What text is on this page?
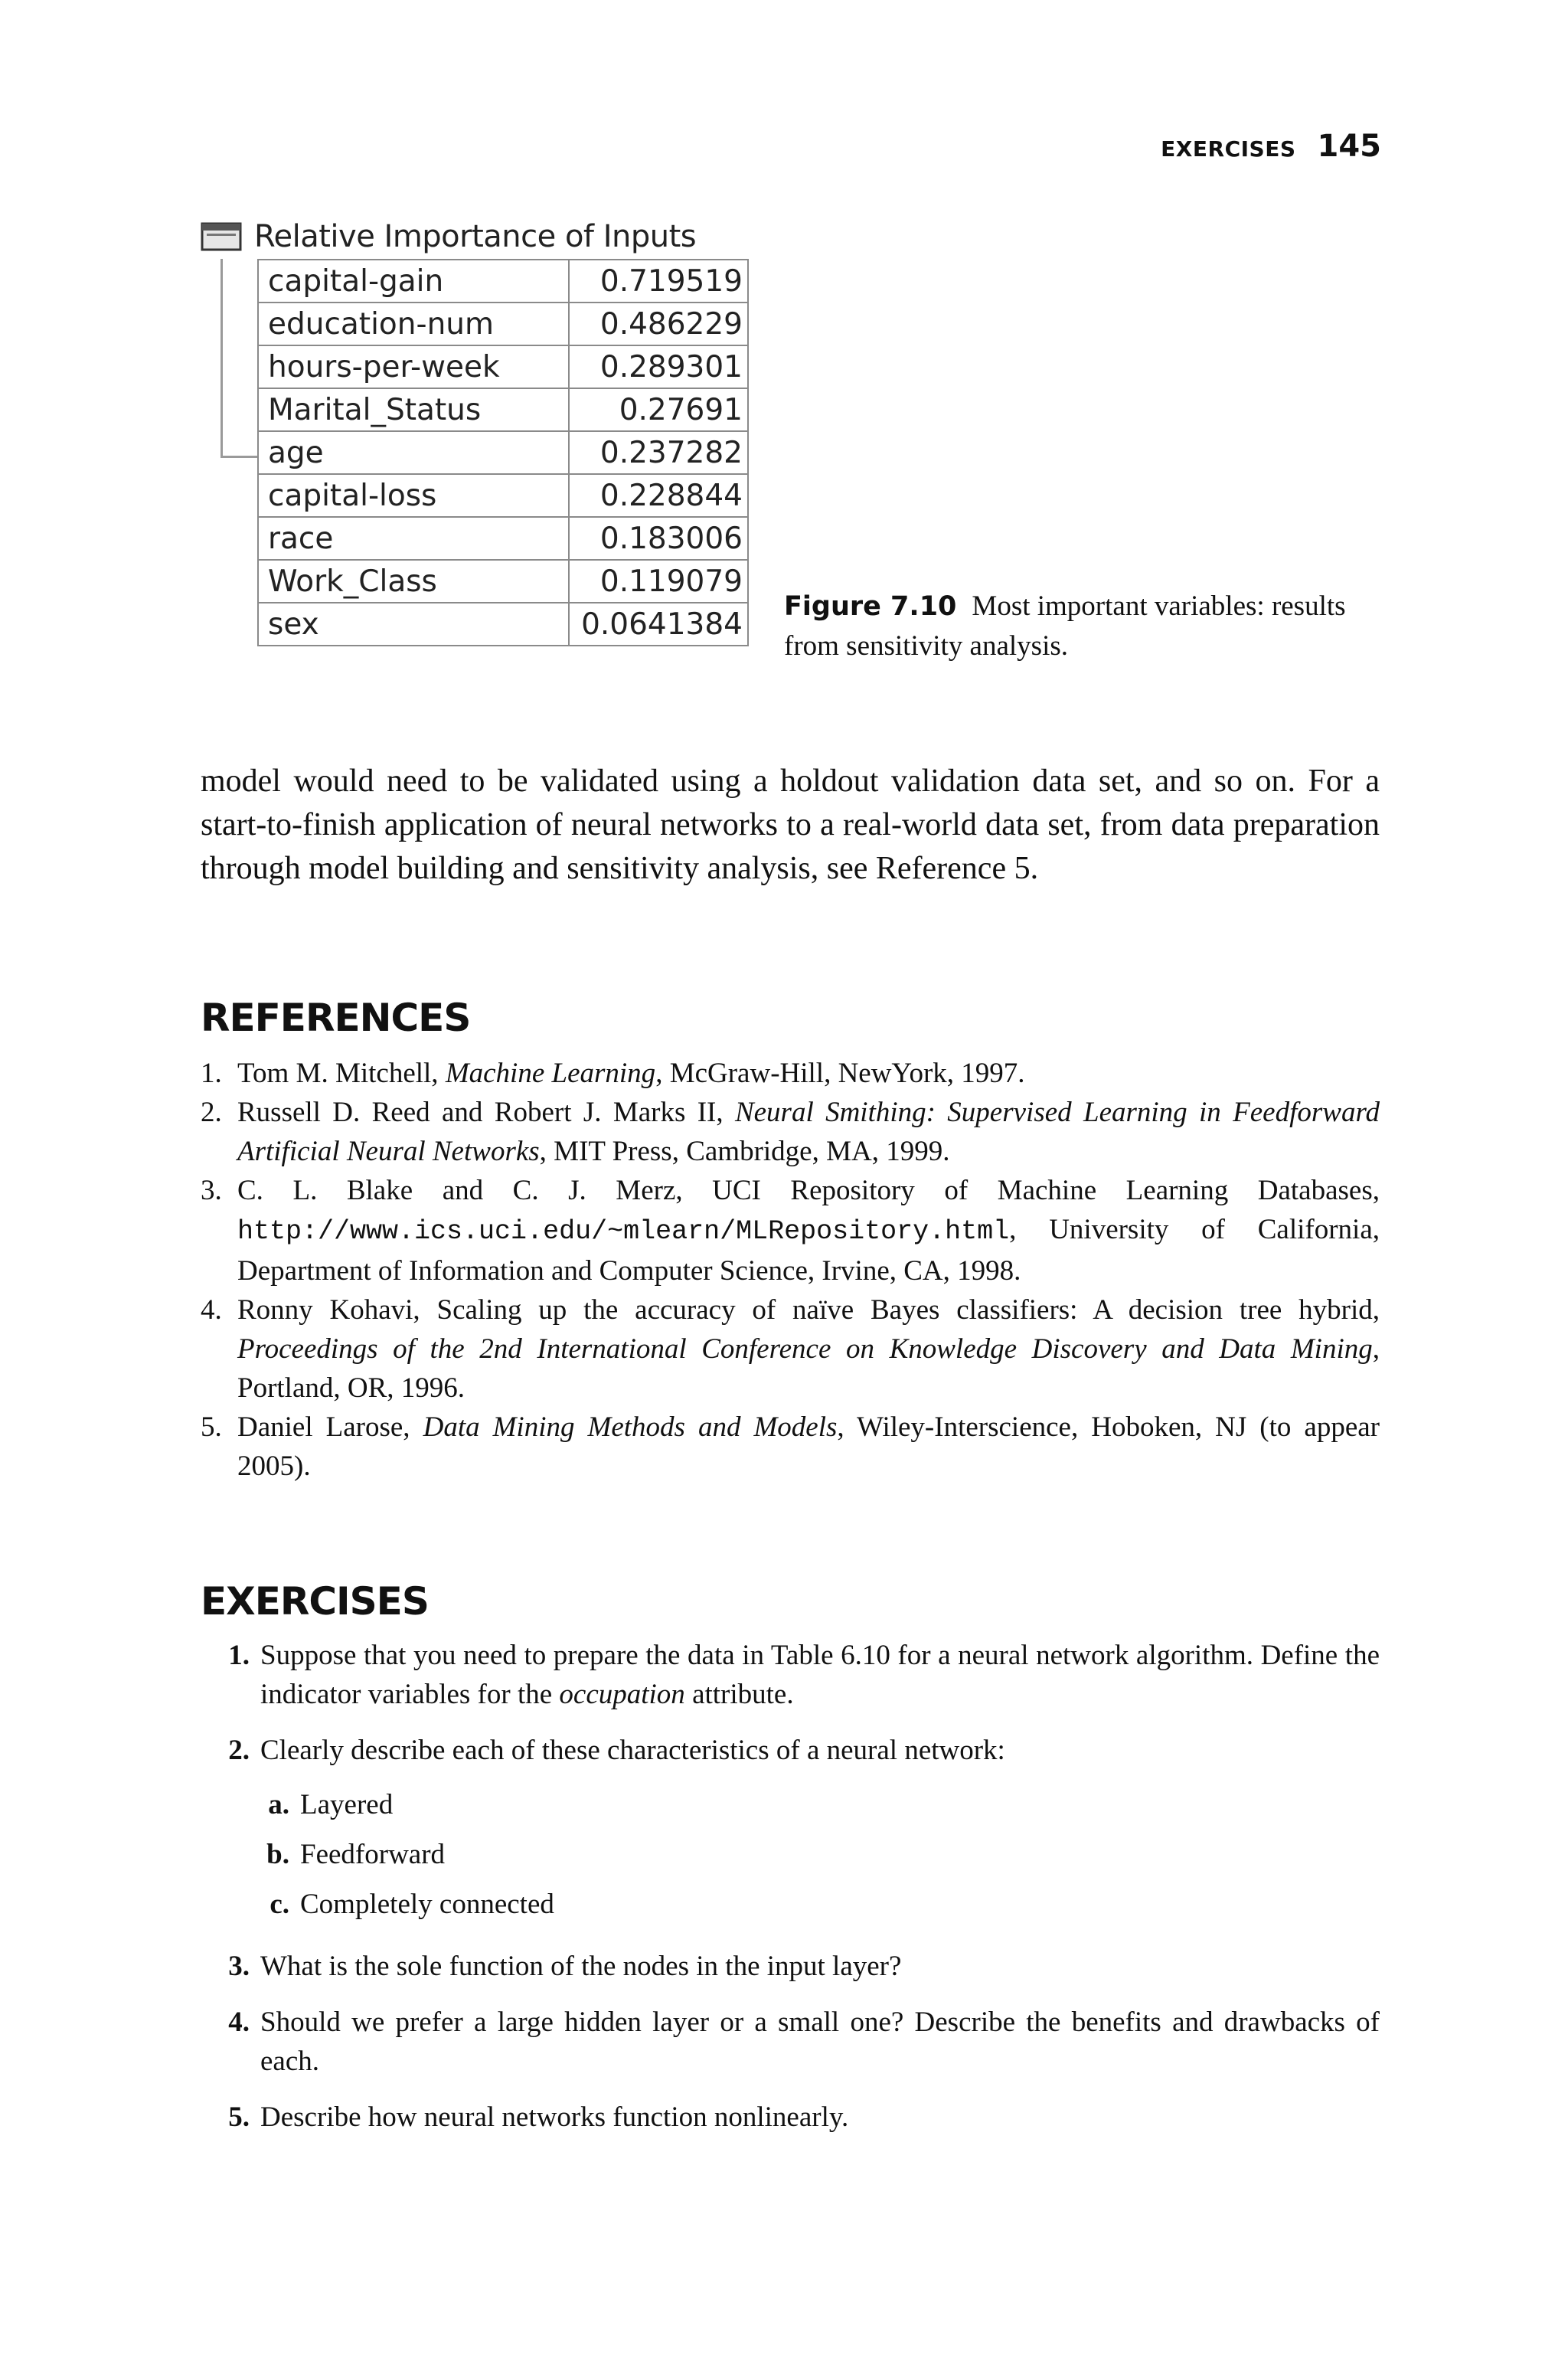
EXERCISES 145
Relative Importance of Inputs
capital-gain	0.719519
education-num	0.486229
hours-per-week	0.289301
Marital_Status	0.27691
age	0.237282
capital-loss	0.228844
race	0.183006
Work_Class	0.119079
sex	0.0641384
Figure 7.10 Most important variables: results from sensitivity analysis.

model would need to be validated using a holdout validation data set, and so on. For a start-to-finish application of neural networks to a real-world data set, from data preparation through model building and sensitivity analysis, see Reference 5.

REFERENCES
1. Tom M. Mitchell, Machine Learning, McGraw-Hill, NewYork, 1997.
2. Russell D. Reed and Robert J. Marks II, Neural Smithing: Supervised Learning in Feedforward Artificial Neural Networks, MIT Press, Cambridge, MA, 1999.
3. C. L. Blake and C. J. Merz, UCI Repository of Machine Learning Databases, http://www.ics.uci.edu/~mlearn/MLRepository.html, University of California, Department of Information and Computer Science, Irvine, CA, 1998.
4. Ronny Kohavi, Scaling up the accuracy of naïve Bayes classifiers: A decision tree hybrid, Proceedings of the 2nd International Conference on Knowledge Discovery and Data Mining, Portland, OR, 1996.
5. Daniel Larose, Data Mining Methods and Models, Wiley-Interscience, Hoboken, NJ (to appear 2005).
EXERCISES
1. Suppose that you need to prepare the data in Table 6.10 for a neural network algorithm. Define the indicator variables for the occupation attribute.
2. Clearly describe each of these characteristics of a neural network:
a. Layered
b. Feedforward
c. Completely connected
3. What is the sole function of the nodes in the input layer?
4. Should we prefer a large hidden layer or a small one? Describe the benefits and drawbacks of each.
5. Describe how neural networks function nonlinearly.
